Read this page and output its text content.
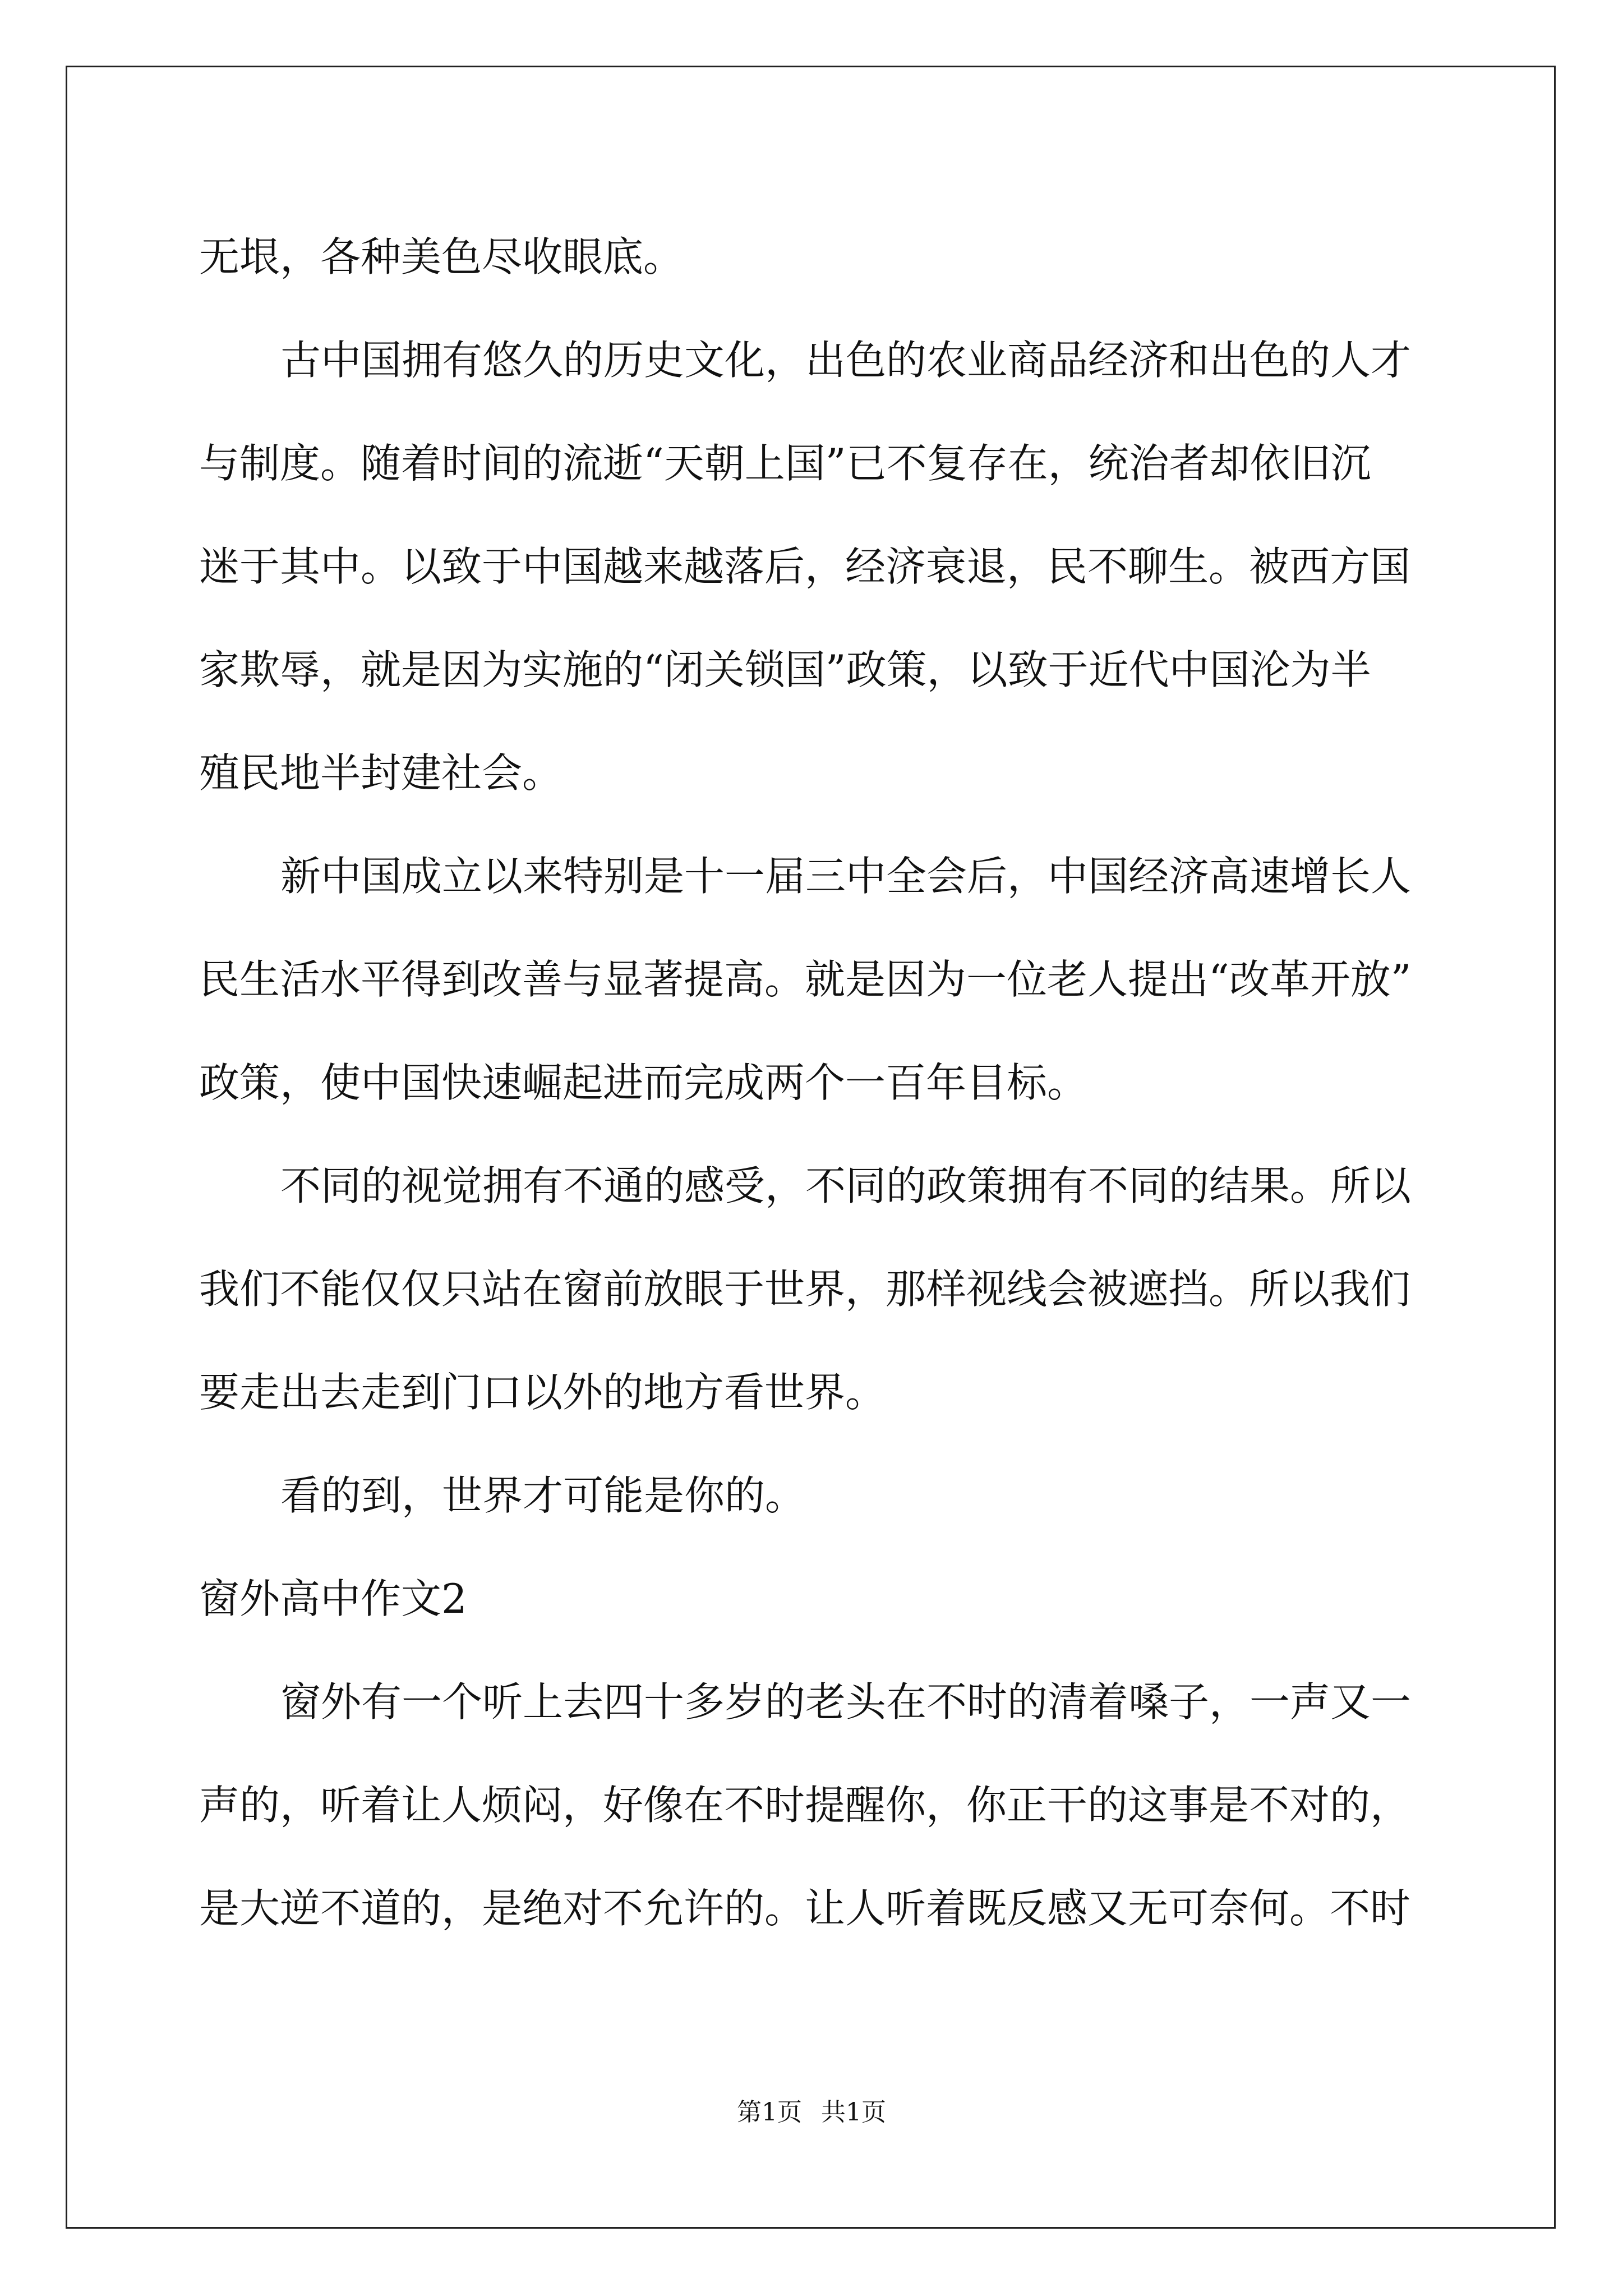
无垠，各种美色尽收眼底。
古中国拥有悠久的历史文化，出色的农业商品经济和出色的人才
与制度。随着时间的流逝“天朝上国”已不复存在，统治者却依旧沉
迷于其中。以致于中国越来越落后，经济衰退，民不聊生。被西方国
家欺辱，就是因为实施的“闭关锁国”政策，以致于近代中国沦为半
殖民地半封建社会。
新中国成立以来特别是十一届三中全会后，中国经济高速增长人
民生活水平得到改善与显著提高。就是因为一位老人提出“改革开放”
政策，使中国快速崛起进而完成两个一百年目标。
不同的视觉拥有不通的感受，不同的政策拥有不同的结果。所以
我们不能仅仅只站在窗前放眼于世界，那样视线会被遮挡。所以我们
要走出去走到门口以外的地方看世界。
看的到，世界才可能是你的。
窗外高中作文2
窗外有一个听上去四十多岁的老头在不时的清着嗓子，一声又一
声的，听着让人烦闷，好像在不时提醒你，你正干的这事是不对的，
是大逆不道的，是绝对不允许的。让人听着既反感又无可奈何。不时
第1页 共1页
